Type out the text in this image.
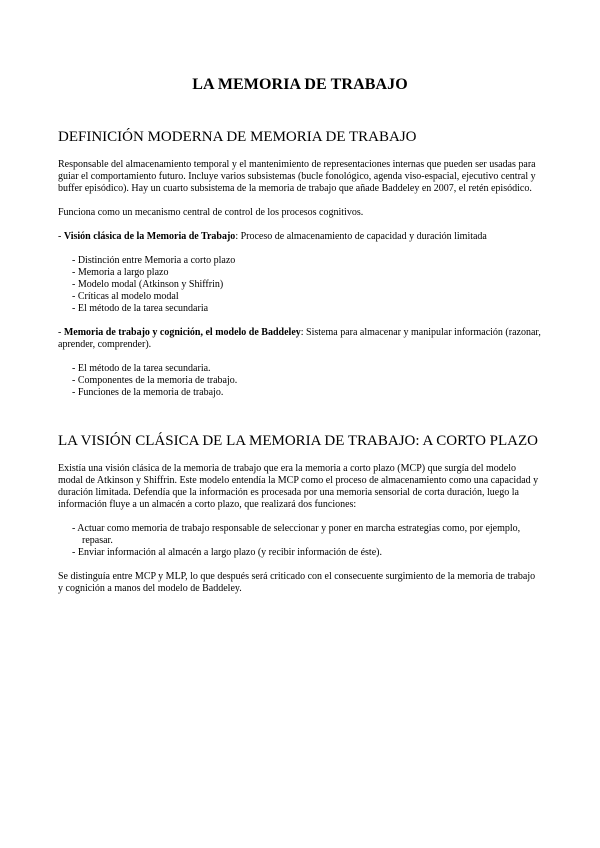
LA MEMORIA DE TRABAJO
DEFINICIÓN MODERNA DE MEMORIA DE TRABAJO

Responsable del almacenamiento temporal y el mantenimiento de representaciones internas que pueden ser usadas para guiar el comportamiento futuro. Incluye varios subsistemas (bucle fonológico, agenda viso-espacial, ejecutivo central y buffer episódico). Hay un cuarto subsistema de la memoria de trabajo que añade Baddeley en 2007, el retén episódico.

Funciona como un mecanismo central de control de los procesos cognitivos.

- Visión clásica de la Memoria de Trabajo: Proceso de almacenamiento de capacidad y duración limitada

- Distinción entre Memoria a corto plazo
- Memoria a largo plazo
- Modelo modal (Atkinson y Shiffrin)
- Críticas al modelo modal
- El método de la tarea secundaria

- Memoria de trabajo y cognición, el modelo de Baddeley: Sistema para almacenar y manipular información (razonar, aprender, comprender).

- El método de la tarea secundaria.
- Componentes de la memoria de trabajo.
- Funciones de la memoria de trabajo.
LA VISIÓN CLÁSICA DE LA MEMORIA DE TRABAJO: A CORTO PLAZO

Existía una visión clásica de la memoria de trabajo que era la memoria a corto plazo (MCP) que surgía del modelo modal de Atkinson y Shiffrin. Este modelo entendía la MCP como el proceso de almacenamiento como una capacidad y duración limitada. Defendía que la información es procesada por una memoria sensorial de corta duración, luego la información fluye a un almacén a corto plazo, que realizará dos funciones:

- Actuar como memoria de trabajo responsable de seleccionar y poner en marcha estrategias como, por ejemplo, repasar.
- Enviar información al almacén a largo plazo (y recibir información de éste).

Se distinguía entre MCP y MLP, lo que después será criticado con el consecuente surgimiento de la memoria de trabajo y cognición a manos del modelo de Baddeley.
